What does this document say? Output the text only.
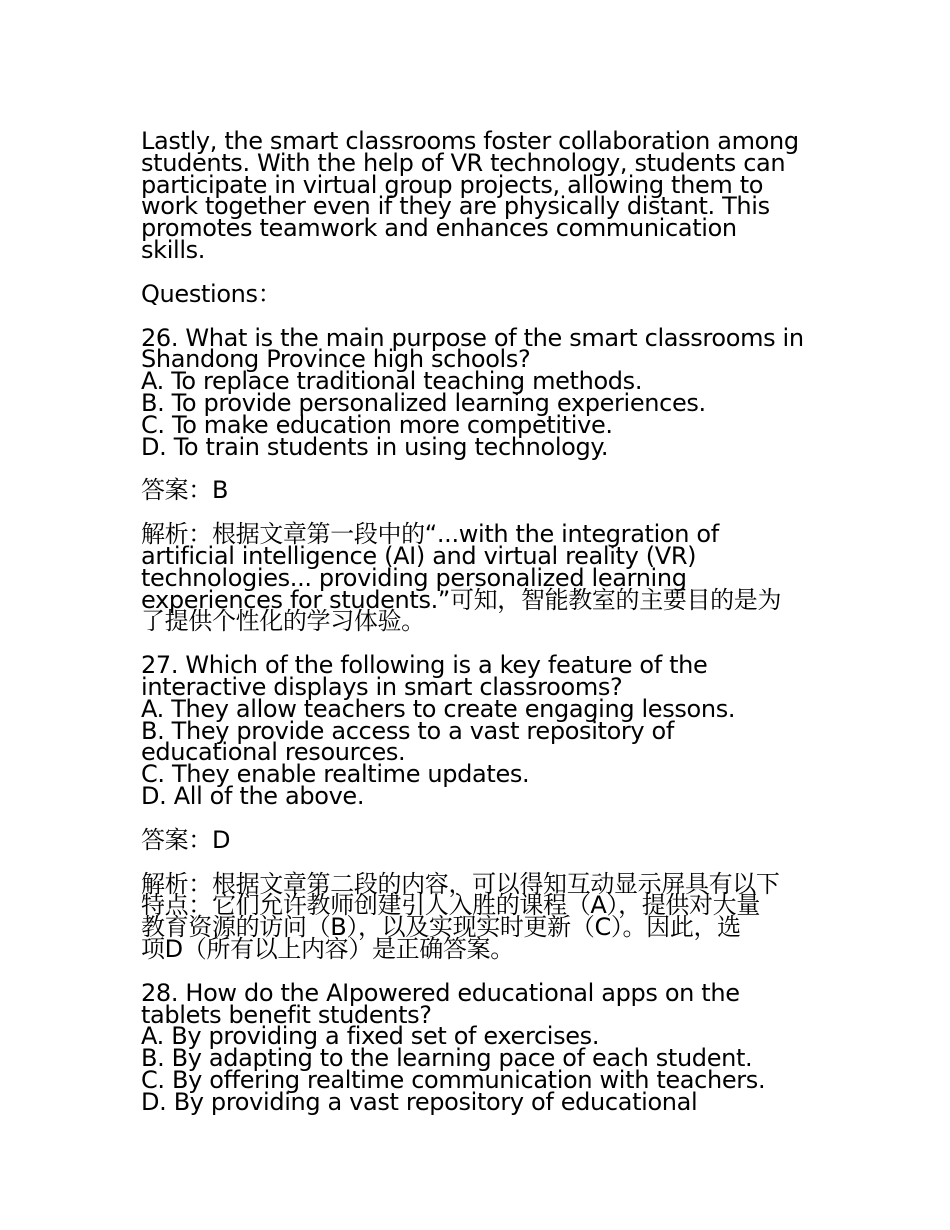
Lastly, the smart classrooms foster collaboration among
students. With the help of VR technology, students can
participate in virtual group projects, allowing them to
work together even if they are physically distant. This
promotes teamwork and enhances communication
skills.
Questions：
26. What is the main purpose of the smart classrooms in
Shandong Province high schools?
A. To replace traditional teaching methods.
B. To provide personalized learning experiences.
C. To make education more competitive.
D. To train students in using technology.
答案：B
解析：根据文章第一段中的“...with the integration of
artificial intelligence (AI) and virtual reality (VR)
technologies... providing personalized learning
experiences for students.”可知，智能教室的主要目的是为
了提供个性化的学习体验。
27. Which of the following is a key feature of the
interactive displays in smart classrooms?
A. They allow teachers to create engaging lessons.
B. They provide access to a vast repository of
educational resources.
C. They enable realtime updates.
D. All of the above.
答案：D
解析：根据文章第二段的内容，可以得知互动显示屏具有以下
特点：它们允许教师创建引人入胜的课程（A），提供对大量
教育资源的访问（B），以及实现实时更新（C）。因此，选
项D（所有以上内容）是正确答案。
28. How do the AIpowered educational apps on the
tablets benefit students?
A. By providing a fixed set of exercises.
B. By adapting to the learning pace of each student.
C. By offering realtime communication with teachers.
D. By providing a vast repository of educational
